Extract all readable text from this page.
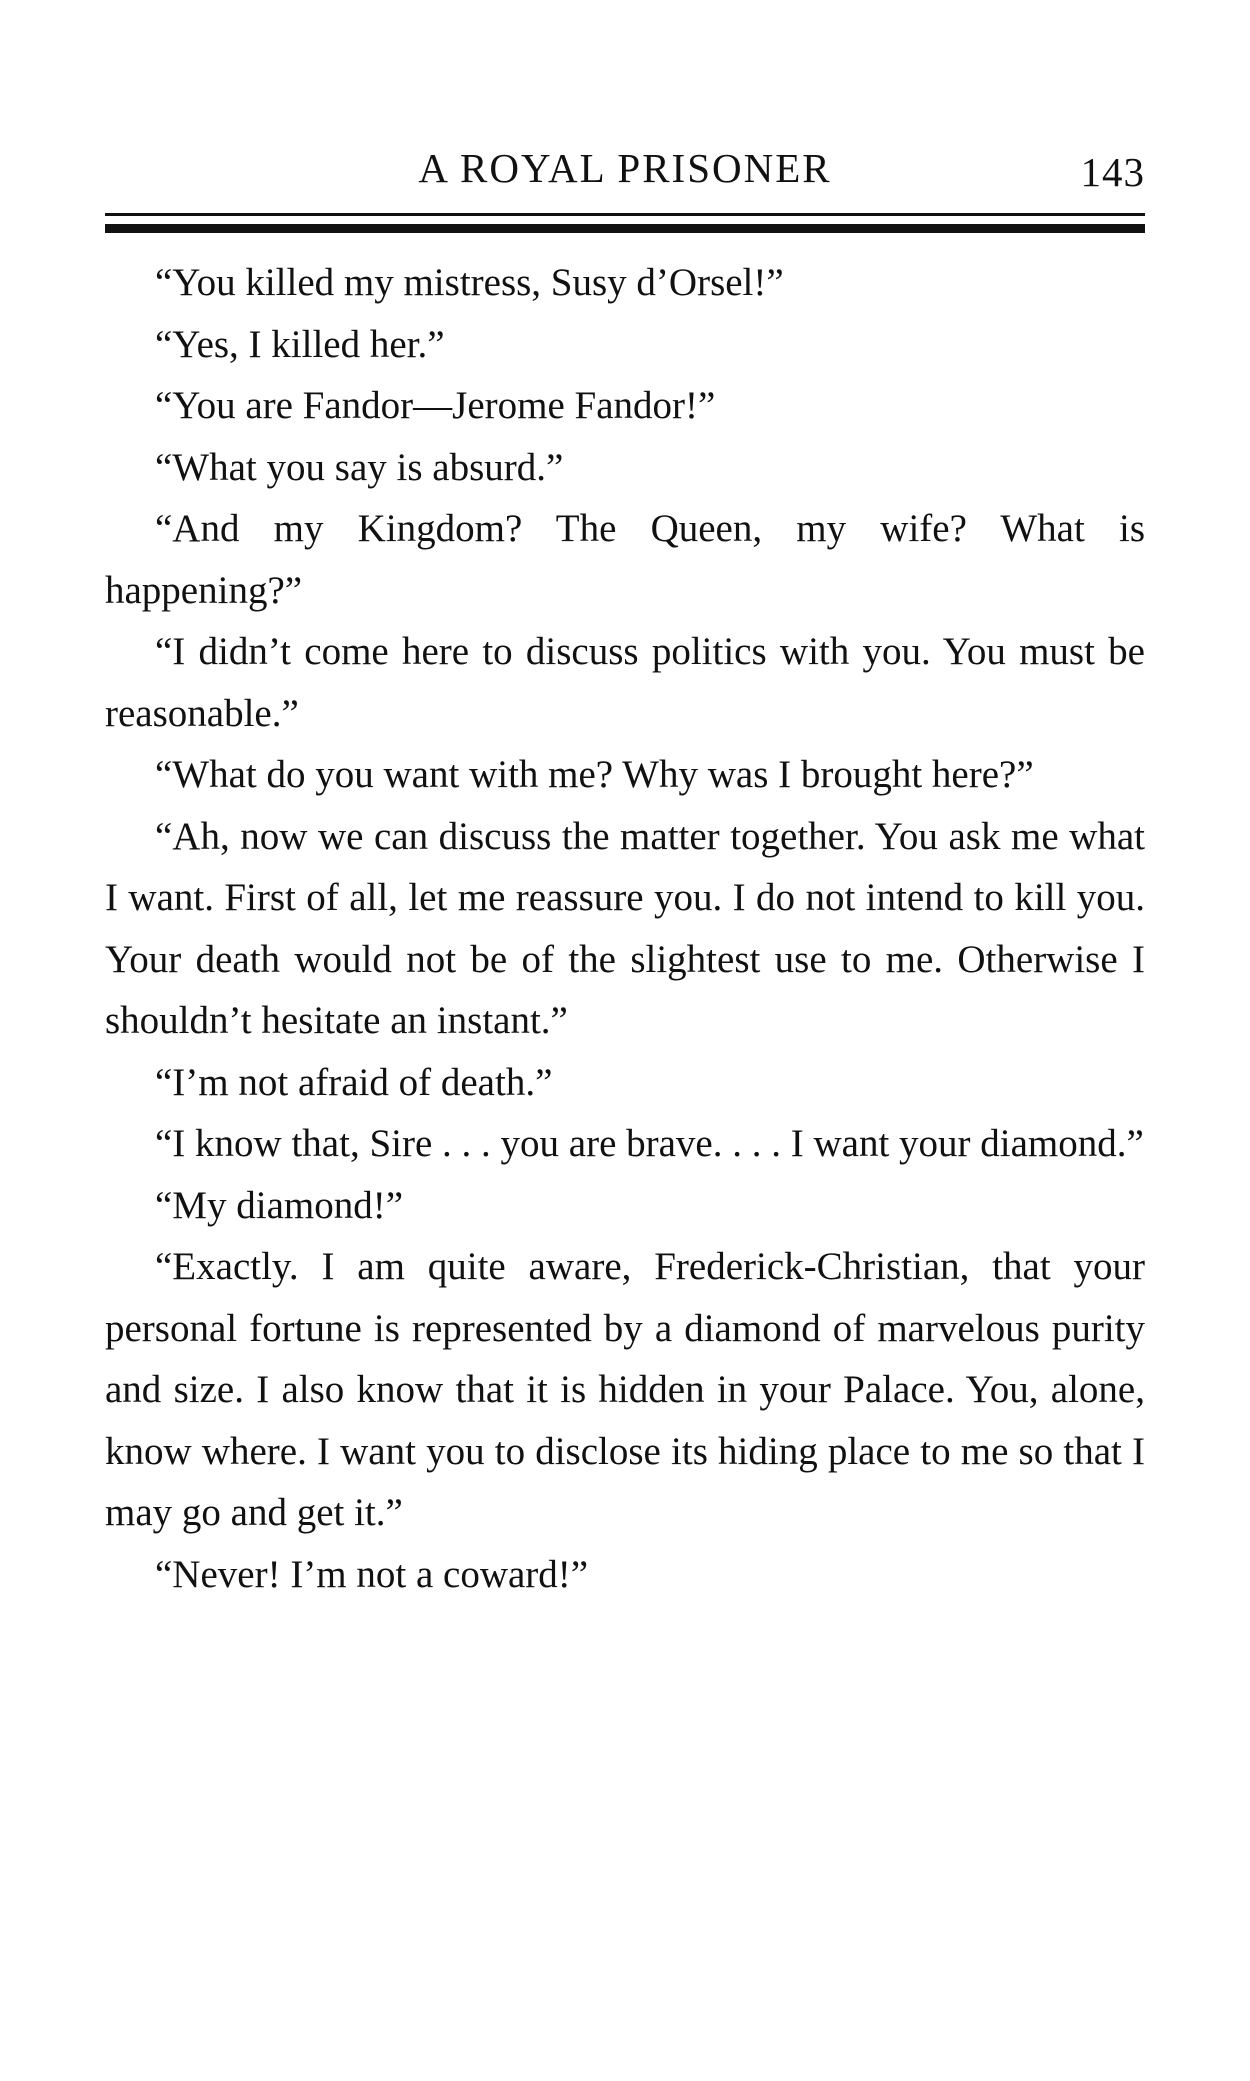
A ROYAL PRISONER	143

“You killed my mistress, Susy d’Orsel!”

“Yes, I killed her.”

“You are Fandor—Jerome Fandor!”

“What you say is absurd.”

“And my Kingdom? The Queen, my wife? What is happening?”

“I didn’t come here to discuss politics with you. You must be reasonable.”

“What do you want with me? Why was I brought here?”

“Ah, now we can discuss the matter together. You ask me what I want. First of all, let me reassure you. I do not intend to kill you. Your death would not be of the slightest use to me. Otherwise I shouldn’t hesitate an instant.”

“I’m not afraid of death.”

“I know that, Sire . . . you are brave. . . . I want your diamond.”

“My diamond!”

“Exactly. I am quite aware, Frederick-Christian, that your personal fortune is represented by a diamond of marvelous purity and size. I also know that it is hidden in your Palace. You, alone, know where. I want you to disclose its hiding place to me so that I may go and get it.”

“Never! I’m not a coward!”
